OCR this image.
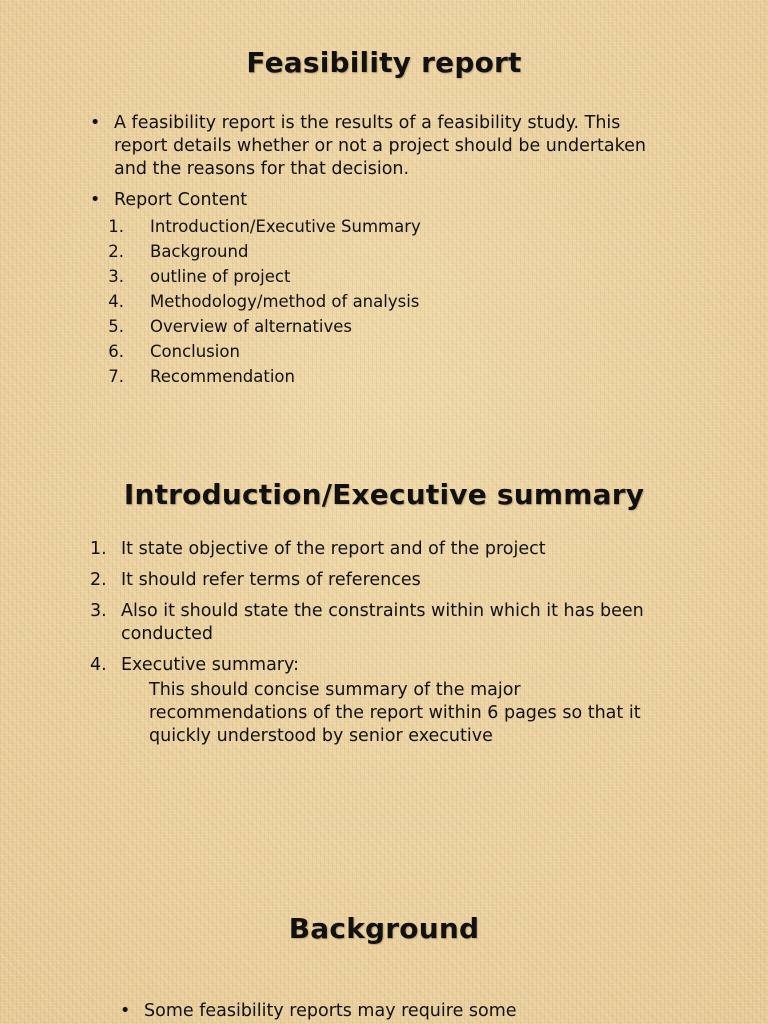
Feasibility report
• A feasibility report is the results of a feasibility study. This report details whether or not a project should be undertaken and the reasons for that decision.
• Report Content
1. Introduction/Executive Summary
2. Background
3. outline of project
4. Methodology/method of analysis
5. Overview of alternatives
6. Conclusion
7. Recommendation
Introduction/Executive summary
1. It state objective of the report and of the project
2. It should refer terms of references
3. Also it should state the constraints within which it has been conducted
4. Executive summary:
This should concise summary of the major recommendations of the report within 6 pages so that it quickly understood by senior executive
Background
• Some feasibility reports may require some
